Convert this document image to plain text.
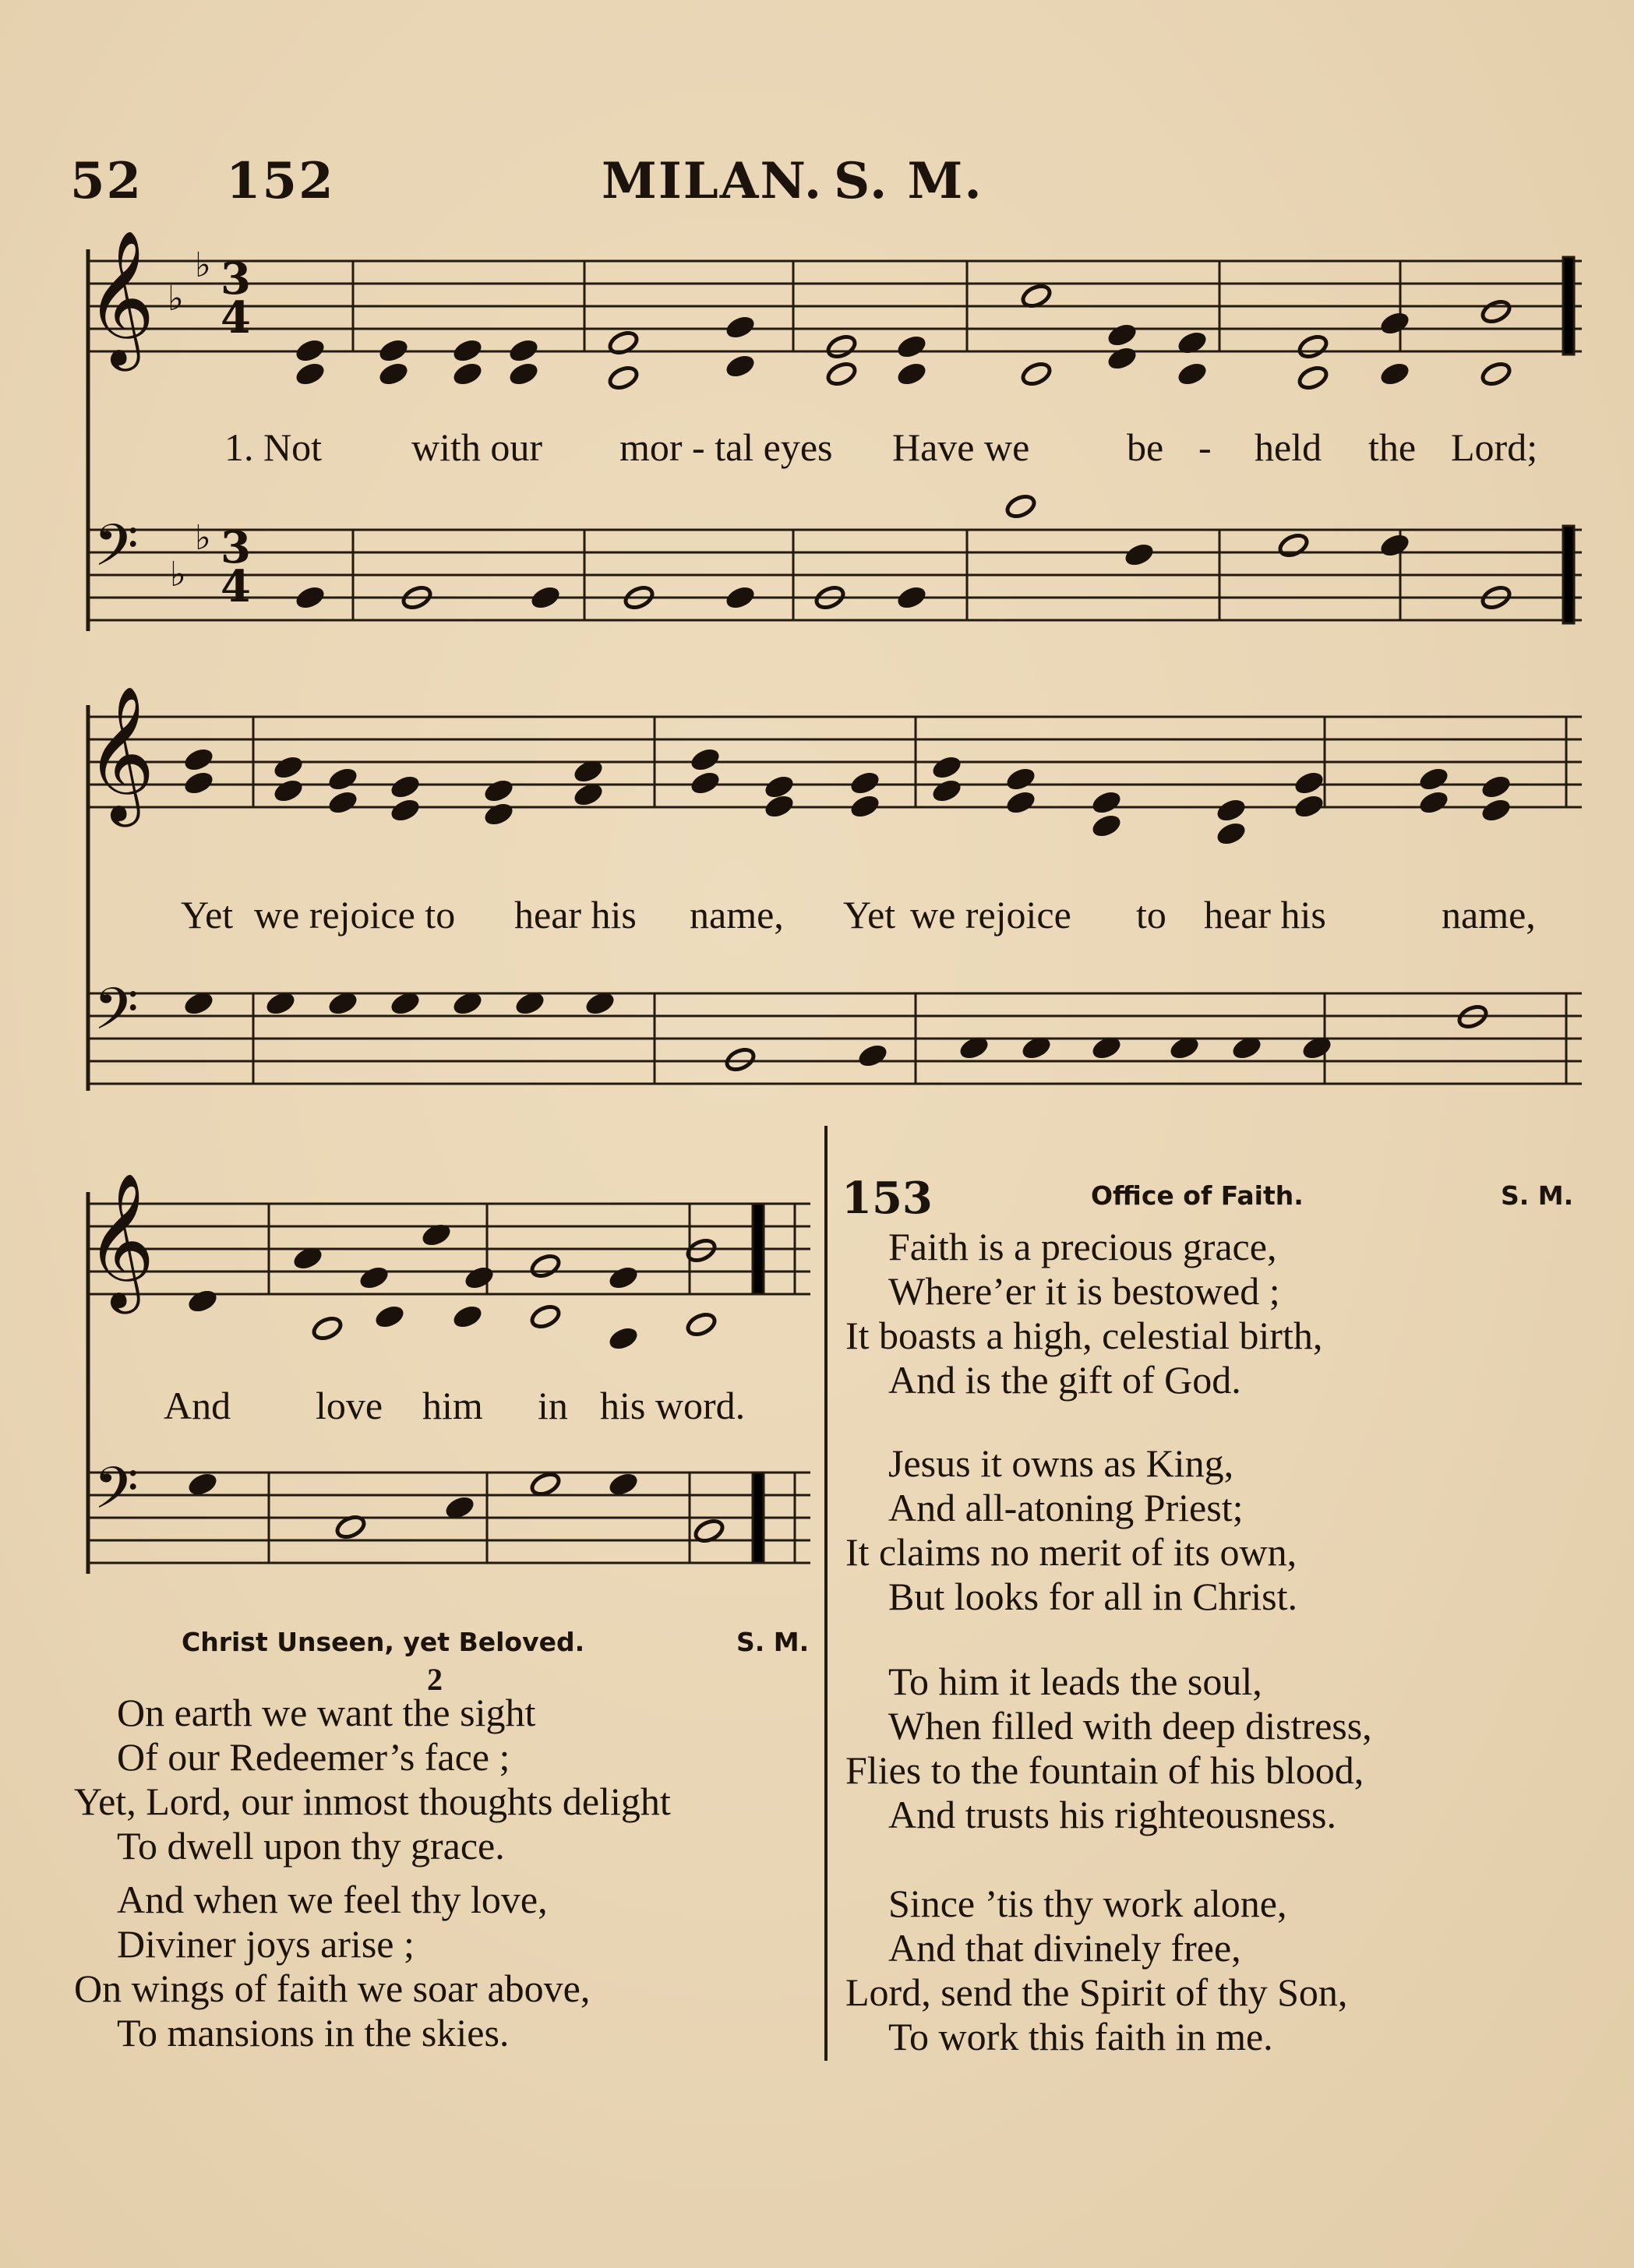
52 152	MILAN. S. M.
𝄞 ♭
♭ 3
4
𝄢 ♭
♭
3
4
𝄞
𝄢
𝄞
𝄢

1. Not

with our

mor - tal eyes

Have we

be

-

held

the

Lord;

Yet

we rejoice to

hear his

name,

Yet

we rejoice

to

hear his

	name,

And

love

him

in

his word.

Christ Unseen, yet Beloved.	S. M.
2
On earth we want the sight
Of our Redeemer’s face ;
Yet, Lord, our inmost thoughts delight
To dwell upon thy grace.
And when we feel thy love,
Diviner joys arise ;
On wings of faith we soar above,
To mansions in the skies.
153	Office of Faith.	S. M.
Faith is a precious grace,
Where’er it is bestowed ;
It boasts a high, celestial birth,
And is the gift of God.
Jesus it owns as King,
And all-atoning Priest;
It claims no merit of its own,
But looks for all in Christ.
To him it leads the soul,
When filled with deep distress,
Flies to the fountain of his blood,
And trusts his righteousness.
Since ’tis thy work alone,
And that divinely free,
Lord, send the Spirit of thy Son,
To work this faith in me.
